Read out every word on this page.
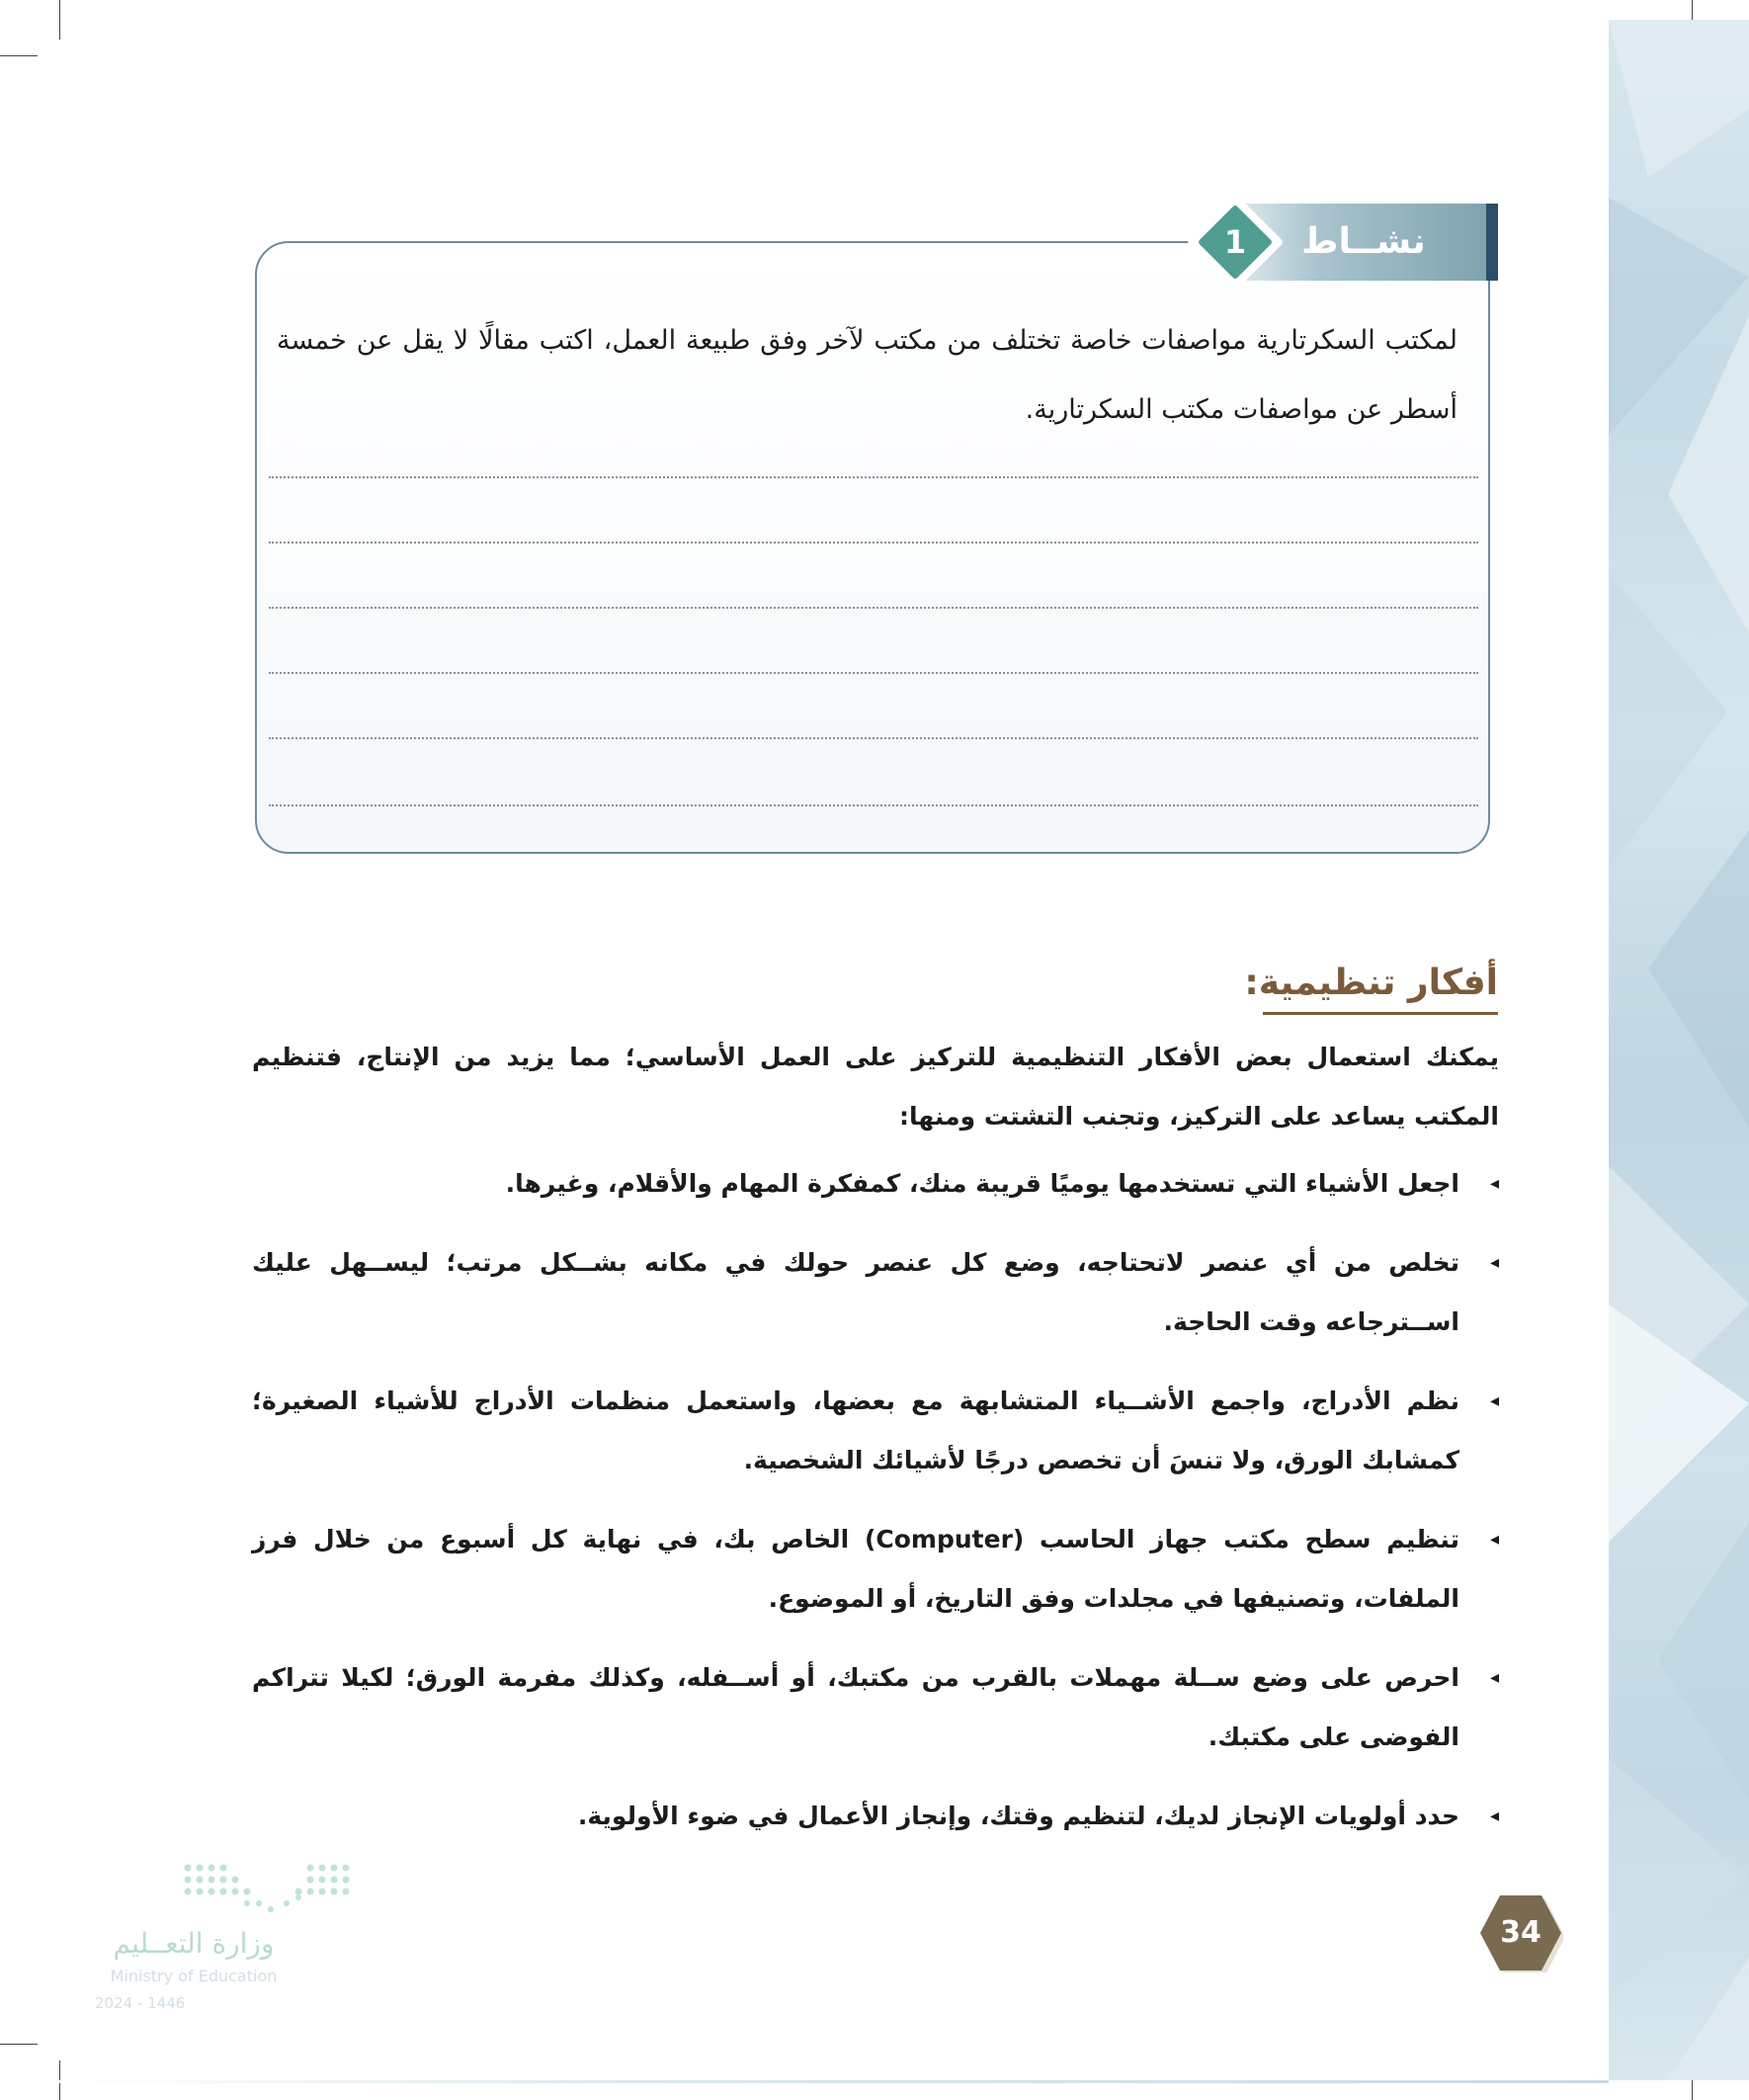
نشــاط
1
لمكتب السكرتارية مواصفات خاصة تختلف من مكتب لآخر وفق طبيعة العمل، اكتب مقالًا لا يقل عن خمسة أسطر عن مواصفات مكتب السكرتارية.
أفكار تنظيمية:
يمكنك استعمال بعض الأفكار التنظيمية للتركيز على العمل الأساسي؛ مما يزيد من الإنتاج، فتنظيم المكتب يساعد على التركيز، وتجنب التشتت ومنها:
◂
اجعل الأشياء التي تستخدمها يوميًا قريبة منك، كمفكرة المهام والأقلام، وغيرها.
◂
تخلص من أي عنصر لاتحتاجه، وضع كل عنصر حولك في مكانه بشــكل مرتب؛ ليســهل عليك اســترجاعه وقت الحاجة.
◂
نظم الأدراج، واجمع الأشــياء المتشابهة مع بعضها، واستعمل منظمات الأدراج للأشياء الصغيرة؛ كمشابك الورق، ولا تنسَ أن تخصص درجًا لأشيائك الشخصية.
◂
تنظيم سطح مكتب جهاز الحاسب (Computer) الخاص بك، في نهاية كل أسبوع من خلال فرز الملفات، وتصنيفها في مجلدات وفق التاريخ، أو الموضوع.
◂
احرص على وضع ســلة مهملات بالقرب من مكتبك، أو أســفله، وكذلك مفرمة الورق؛ لكيلا تتراكم الفوضى على مكتبك.
◂
حدد أولويات الإنجاز لديك، لتنظيم وقتك، وإنجاز الأعمال في ضوء الأولوية.
34
وزارة التعــليم
Ministry of Education
2024 - 1446
